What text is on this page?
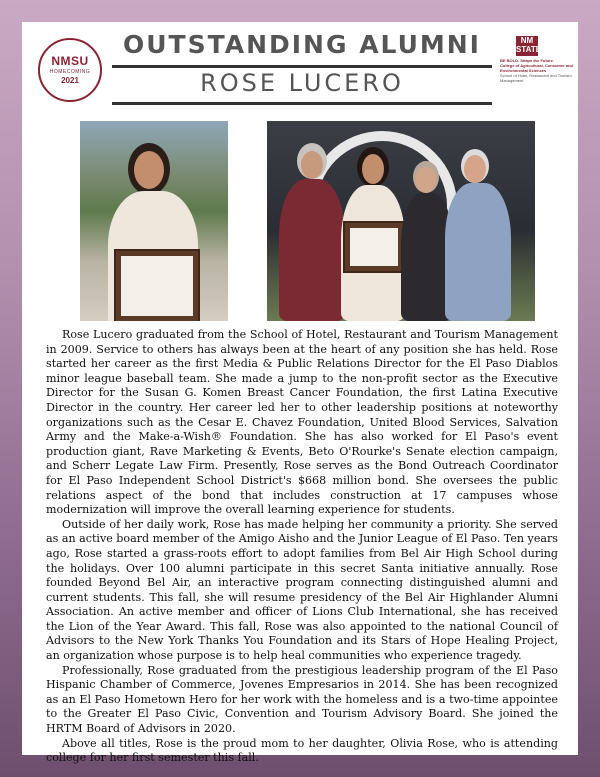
NMSU
HOMECOMING
2021
OUTSTANDING ALUMNI
ROSE LUCERO
NM STATE
BE BOLD. Shape the Future.
College of Agricultural, Consumer and Environmental Sciences
School of Hotel, Restaurant and Tourism Management

Rose Lucero graduated from the School of Hotel, Restaurant and Tourism Management in 2009. Service to others has always been at the heart of any position she has held. Rose started her career as the first Media & Public Relations Director for the El Paso Diablos minor league baseball team. She made a jump to the non-profit sector as the Executive Director for the Susan G. Komen Breast Cancer Foundation, the first Latina Executive Director in the country. Her career led her to other leadership positions at noteworthy organizations such as the Cesar E. Chavez Foundation, United Blood Services, Salvation Army and the Make-a-Wish® Foundation. She has also worked for El Paso's event production giant, Rave Marketing & Events, Beto O'Rourke's Senate election campaign, and Scherr Legate Law Firm. Presently, Rose serves as the Bond Outreach Coordinator for El Paso Independent School District's $668 million bond. She oversees the public relations aspect of the bond that includes construction at 17 campuses whose modernization will improve the overall learning experience for students.

Outside of her daily work, Rose has made helping her community a priority. She served as an active board member of the Amigo Aisho and the Junior League of El Paso. Ten years ago, Rose started a grass-roots effort to adopt families from Bel Air High School during the holidays. Over 100 alumni participate in this secret Santa initiative annually. Rose founded Beyond Bel Air, an interactive program connecting distinguished alumni and current students. This fall, she will resume presidency of the Bel Air Highlander Alumni Association. An active member and officer of Lions Club International, she has received the Lion of the Year Award. This fall, Rose was also appointed to the national Council of Advisors to the New York Thanks You Foundation and its Stars of Hope Healing Project, an organization whose purpose is to help heal communities who experience tragedy.

Professionally, Rose graduated from the prestigious leadership program of the El Paso Hispanic Chamber of Commerce, Jovenes Empresarios in 2014. She has been recognized as an El Paso Hometown Hero for her work with the homeless and is a two-time appointee to the Greater El Paso Civic, Convention and Tourism Advisory Board. She joined the HRTM Board of Advisors in 2020.

Above all titles, Rose is the proud mom to her daughter, Olivia Rose, who is attending college for her first semester this fall.
